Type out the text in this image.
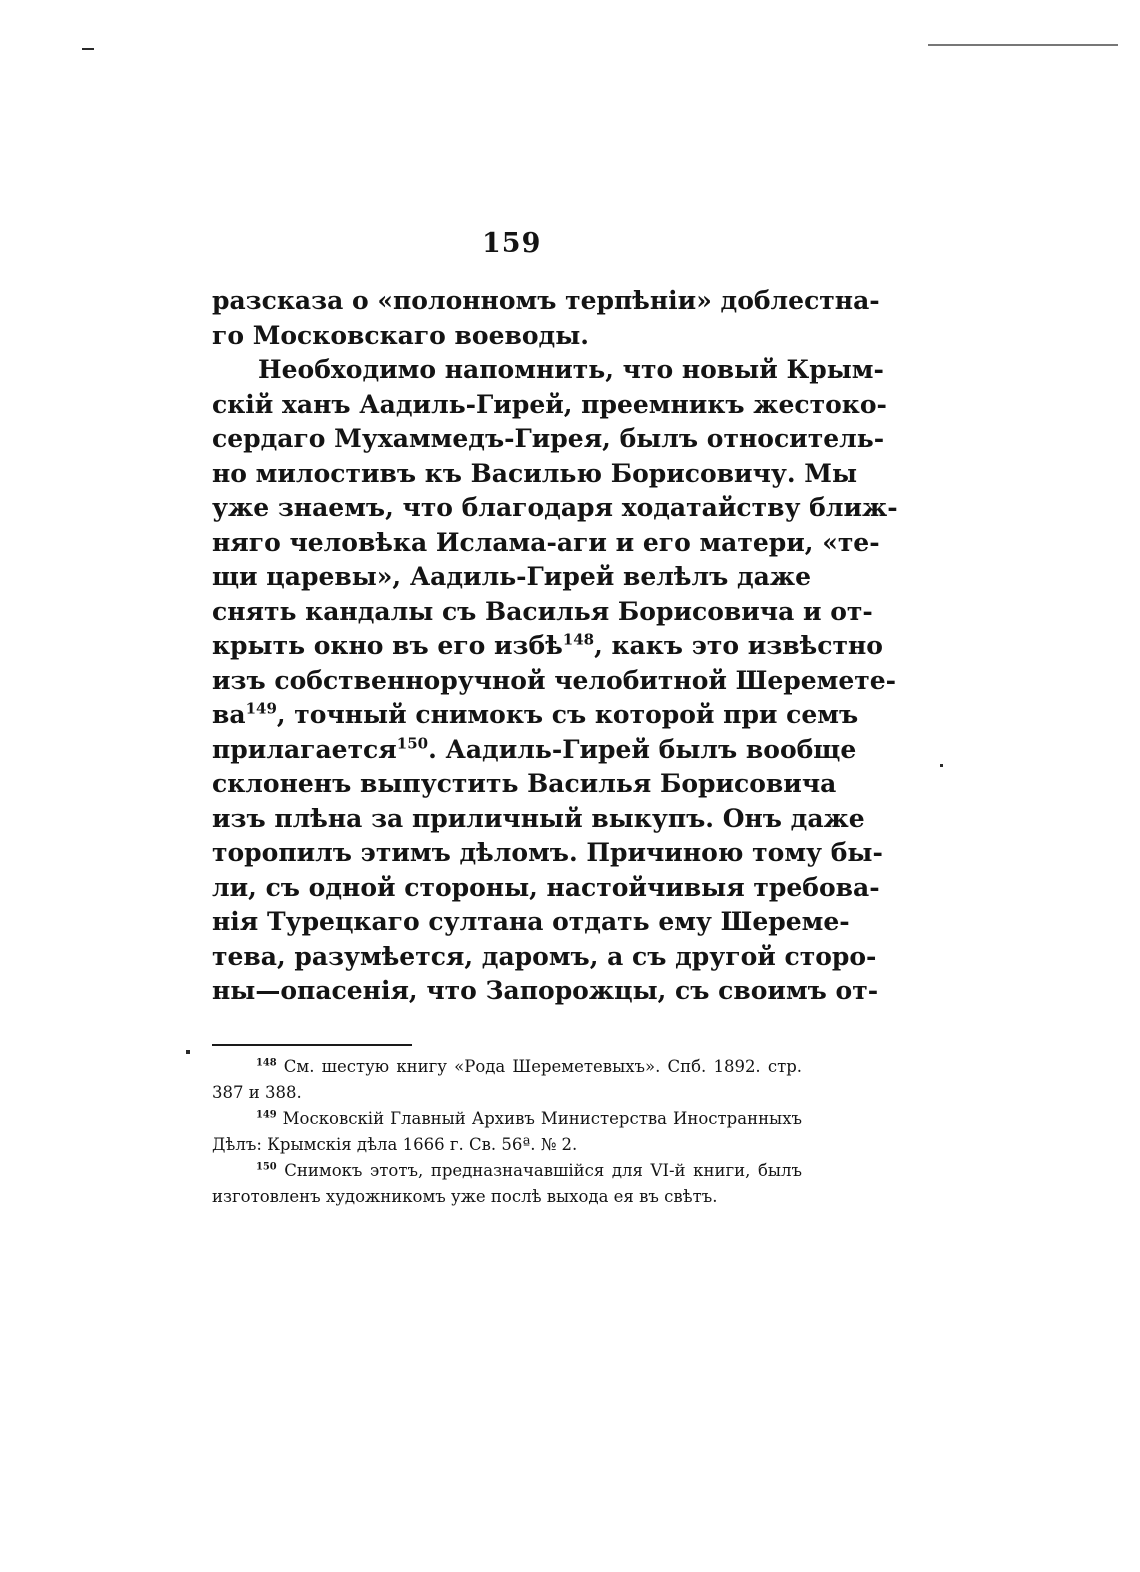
159
разсказа о «полонномъ терпѣніи» доблестна-
го Московскаго воеводы.
Необходимо напомнить, что новый Крым-
скій ханъ Аадиль-Гирей, преемникъ жестоко-
сердаго Мухаммедъ-Гирея, былъ относитель-
но милостивъ къ Василью Борисовичу. Мы
уже знаемъ, что благодаря ходатайству ближ-
няго человѣка Ислама-аги и его матери, «те-
щи царевы», Аадиль-Гирей велѣлъ даже
снять кандалы съ Василья Борисовича и от-
крыть окно въ его избѣ$^{148}$, какъ это извѣстно
изъ собственноручной челобитной Шереметe-
$ва^{149}$, точный снимокъ съ которой при семъ
прилагается$^{150}$. Аадиль-Гирей былъ вообще
склоненъ выпустить Василья Борисовича
изъ плѣна за приличный выкупъ. Онъ даже
торопилъ этимъ дѣломъ. Причиною тому бы-
ли, съ одной стороны, настойчивыя требова-
нія Турецкаго султана отдать ему Шереме-
тева, разумѣется, даромъ, а съ другой сторо-
ны—опасенія, что Запорожцы, съ своимъ от-
$^{148}$ См. шестую книгу «Рода Шереметевыхъ». Спб. 1892. стр.
387 и 388.
$^{149}$ Московскій Главный Архивъ Министерства Иностранныхъ
Дѣлъ: Крымскія дѣла 1666 г. Св. 56ª. № 2.
$^{150}$ Снимокъ этотъ, предназначавшійся для VI-й книги, былъ
изготовленъ художникомъ уже послѣ выхода ея въ свѣтъ.
